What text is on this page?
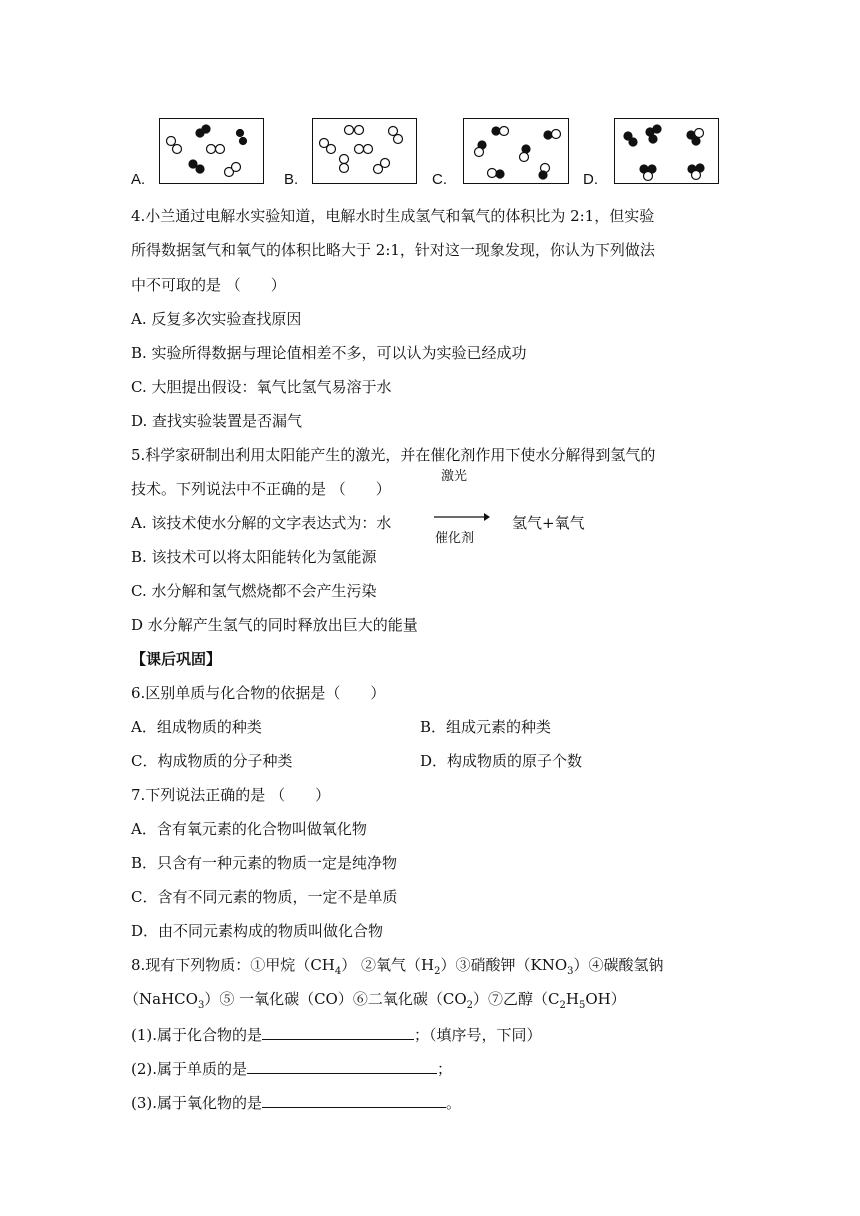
A.	B.	C.	D.
4.小兰通过电解水实验知道，电解水时生成氢气和氧气的体积比为 2:1，但实验
所得数据氢气和氧气的体积比略大于 2:1，针对这一现象发现，你认为下列做法
中不可取的是 （　　）
A. 反复多次实验查找原因
B. 实验所得数据与理论值相差不多，可以认为实验已经成功
C. 大胆提出假设：氧气比氢气易溶于水
D. 查找实验装置是否漏气
5.科学家研制出利用太阳能产生的激光，并在催化剂作用下使水分解得到氢气的
技术。下列说法中不正确的是 （　　）
激光
A. 该技术使水分解的文字表达式为：水
催化剂
氢气+氧气
B. 该技术可以将太阳能转化为氢能源
C. 水分解和氢气燃烧都不会产生污染
D 水分解产生氢气的同时释放出巨大的能量
【课后巩固】
6.区别单质与化合物的依据是（　　）
A．组成物质的种类	B．组成元素的种类
C．构成物质的分子种类	D．构成物质的原子个数
7.下列说法正确的是 （　　）
A．含有氧元素的化合物叫做氧化物
B．只含有一种元素的物质一定是纯净物
C．含有不同元素的物质，一定不是单质
D．由不同元素构成的物质叫做化合物
8.现有下列物质：①甲烷$(CH_4)$ ②氧气$(H_2)③$硝酸钾$(KNO_3)④$碳酸氢钠
（NaHCO$_3$）⑤ 一氧化碳（CO）⑥二氧化碳$(CO_2)⑦$乙醇$(C_2H_5OH)$
(1).属于化合物的是	；（填序号，下同）
(2).属于单质的是	；
(3).属于氧化物的是	。
